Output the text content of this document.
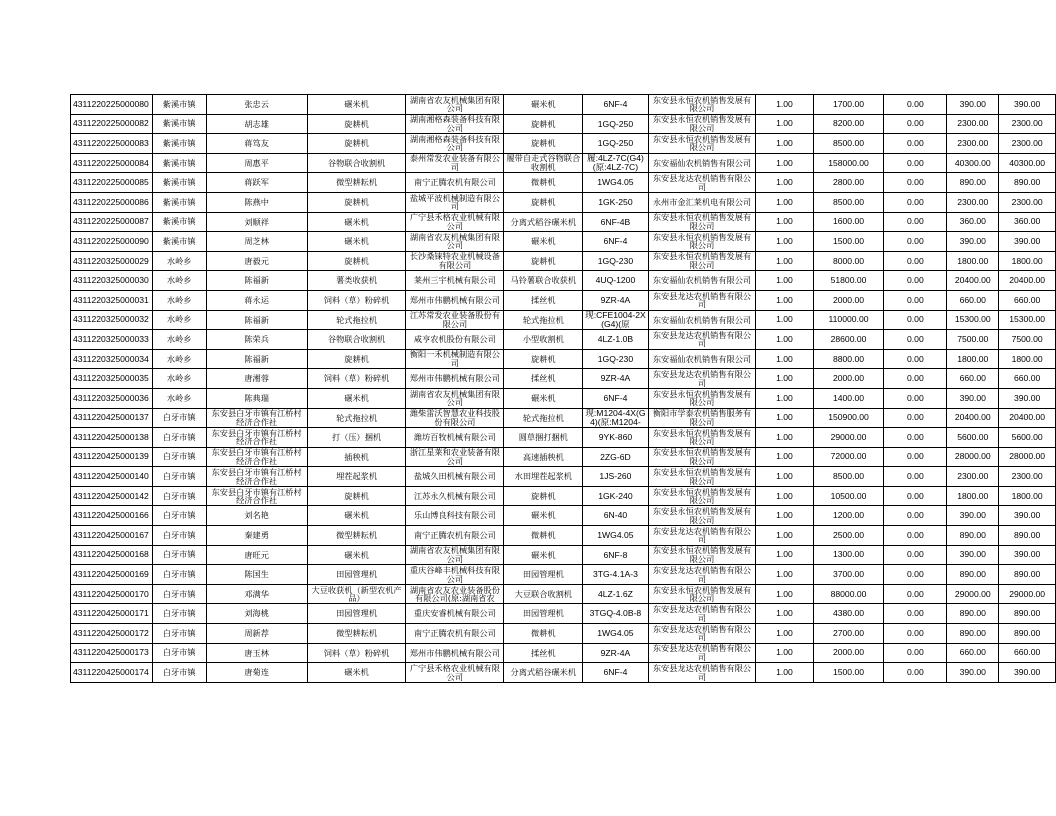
4311220225000080	紫溪市镇	张忠云	碾米机	湖南省农友机械集团有限公司	碾米机	6NF-4	东安县永恒农机销售发展有限公司	1.00	1700.00	0.00	390.00	390.00
4311220225000082	紫溪市镇	胡志雄	旋耕机	湖南湘格森装备科技有限公司	旋耕机	1GQ-250	东安县永恒农机销售发展有限公司	1.00	8200.00	0.00	2300.00	2300.00
4311220225000083	紫溪市镇	蒋笃友	旋耕机	湖南湘格森装备科技有限公司	旋耕机	1GQ-250	东安县永恒农机销售发展有限公司	1.00	8500.00	0.00	2300.00	2300.00
4311220225000084	紫溪市镇	周惠平	谷物联合收割机	泰州常发农业装备有限公司	履带自走式谷物联合收割机	履:4LZ-7C(G4)(原:4LZ-7C)	东安福仙农机销售有限公司	1.00	158000.00	0.00	40300.00	40300.00
4311220225000085	紫溪市镇	蒋跃军	微型耕耘机	南宁正腾农机有限公司	微耕机	1WG4.05	东安县龙达农机销售有限公司	1.00	2800.00	0.00	890.00	890.00
4311220225000086	紫溪市镇	陈燕中	旋耕机	盐城平波机械制造有限公司	旋耕机	1GK-250	永州市金汇莱机电有限公司	1.00	8500.00	0.00	2300.00	2300.00
4311220225000087	紫溪市镇	刘顺祥	碾米机	广宁县禾格农业机械有限公司	分离式稻谷碾米机	6NF-4B	东安县永恒农机销售发展有限公司	1.00	1600.00	0.00	360.00	360.00
4311220225000090	紫溪市镇	周芝林	碾米机	湖南省农友机械集团有限公司	碾米机	6NF-4	东安县永恒农机销售发展有限公司	1.00	1500.00	0.00	390.00	390.00
4311220325000029	水岭乡	唐毅元	旋耕机	长沙桑铼特农业机械设备有限公司	旋耕机	1GQ-230	东安县永恒农机销售发展有限公司	1.00	8000.00	0.00	1800.00	1800.00
4311220325000030	水岭乡	陈福新	薯类收获机	莱州三宇机械有限公司	马铃薯联合收获机	4UQ-1200	东安福仙农机销售有限公司	1.00	51800.00	0.00	20400.00	20400.00
4311220325000031	水岭乡	蒋永运	饲料（草）粉碎机	郑州市伟鹏机械有限公司	揉丝机	9ZR-4A	东安县龙达农机销售有限公司	1.00	2000.00	0.00	660.00	660.00
4311220325000032	水岭乡	陈福新	轮式拖拉机	江苏常发农业装备股份有限公司	轮式拖拉机	现:CFE1004-2X(G4)(原	东安福仙农机销售有限公司	1.00	110000.00	0.00	15300.00	15300.00
4311220325000033	水岭乡	陈荣兵	谷物联合收割机	咸亨农机股份有限公司	小型收割机	4LZ-1.0B	东安县龙达农机销售有限公司	1.00	28600.00	0.00	7500.00	7500.00
4311220325000034	水岭乡	陈福新	旋耕机	衡阳一禾机械制造有限公司	旋耕机	1GQ-230	东安福仙农机销售有限公司	1.00	8800.00	0.00	1800.00	1800.00
4311220325000035	水岭乡	唐湘蓉	饲料（草）粉碎机	郑州市伟鹏机械有限公司	揉丝机	9ZR-4A	东安县龙达农机销售有限公司	1.00	2000.00	0.00	660.00	660.00
4311220325000036	水岭乡	陈典瑞	碾米机	湖南省农友机械集团有限公司	碾米机	6NF-4	东安县永恒农机销售发展有限公司	1.00	1400.00	0.00	390.00	390.00
4311220425000137	白牙市镇	东安县白牙市镇有江桥村经济合作社	轮式拖拉机	潍柴雷沃智慧农业科技股份有限公司	轮式拖拉机	现:M1204-4X(G4)(原:M1204-	衡阳市学泰农机销售服务有限公司	1.00	150900.00	0.00	20400.00	20400.00
4311220425000138	白牙市镇	东安县白牙市镇有江桥村经济合作社	打（压）捆机	潍坊百牧机械有限公司	圆草捆打捆机	9YK-860	东安县永恒农机销售发展有限公司	1.00	29000.00	0.00	5600.00	5600.00
4311220425000139	白牙市镇	东安县白牙市镇有江桥村经济合作社	插秧机	浙江星莱和农业装备有限公司	高速插秧机	2ZG-6D	东安县永恒农机销售发展有限公司	1.00	72000.00	0.00	28000.00	28000.00
4311220425000140	白牙市镇	东安县白牙市镇有江桥村经济合作社	埋茬起浆机	盐城久田机械有限公司	水田埋茬起浆机	1JS-260	东安县永恒农机销售发展有限公司	1.00	8500.00	0.00	2300.00	2300.00
4311220425000142	白牙市镇	东安县白牙市镇有江桥村经济合作社	旋耕机	江苏永久机械有限公司	旋耕机	1GK-240	东安县永恒农机销售发展有限公司	1.00	10500.00	0.00	1800.00	1800.00
4311220425000166	白牙市镇	刘名艳	碾米机	乐山博良科技有限公司	碾米机	6N-40	东安县永恒农机销售发展有限公司	1.00	1200.00	0.00	390.00	390.00
4311220425000167	白牙市镇	秦建勇	微型耕耘机	南宁正腾农机有限公司	微耕机	1WG4.05	东安县龙达农机销售有限公司	1.00	2500.00	0.00	890.00	890.00
4311220425000168	白牙市镇	唐旺元	碾米机	湖南省农友机械集团有限公司	碾米机	6NF-8	东安县永恒农机销售发展有限公司	1.00	1300.00	0.00	390.00	390.00
4311220425000169	白牙市镇	陈国生	田园管理机	重庆谷峰丰机械科技有限公司	田园管理机	3TG-4.1A-3	东安县龙达农机销售有限公司	1.00	3700.00	0.00	890.00	890.00
4311220425000170	白牙市镇	邓满华	大豆收获机（新型农机产品）	湖南省农友农业装备股份有限公司(原:湖南省农	大豆联合收割机	4LZ-1.6Z	东安县永恒农机销售发展有限公司	1.00	88000.00	0.00	29000.00	29000.00
4311220425000171	白牙市镇	刘海桃	田园管理机	重庆安睿机械有限公司	田园管理机	3TGQ-4.0B-8	东安县龙达农机销售有限公司	1.00	4380.00	0.00	890.00	890.00
4311220425000172	白牙市镇	周新荐	微型耕耘机	南宁正腾农机有限公司	微耕机	1WG4.05	东安县龙达农机销售有限公司	1.00	2700.00	0.00	890.00	890.00
4311220425000173	白牙市镇	唐玉林	饲料（草）粉碎机	郑州市伟鹏机械有限公司	揉丝机	9ZR-4A	东安县龙达农机销售有限公司	1.00	2000.00	0.00	660.00	660.00
4311220425000174	白牙市镇	唐菊连	碾米机	广宁县禾格农业机械有限公司	分离式稻谷碾米机	6NF-4	东安县龙达农机销售有限公司	1.00	1500.00	0.00	390.00	390.00
